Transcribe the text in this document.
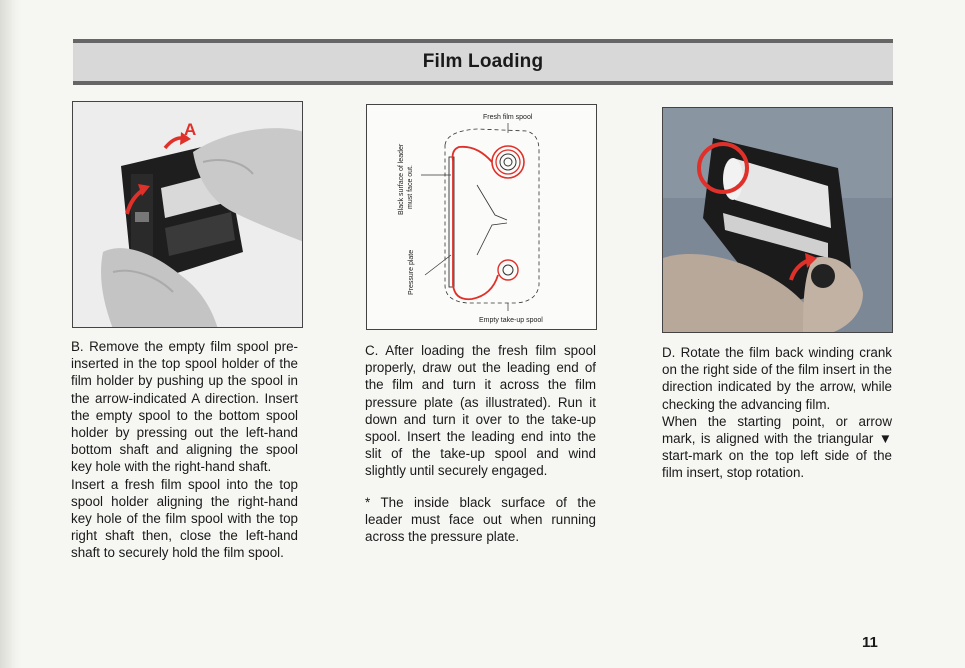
Film Loading
A
Fresh film spool
Empty take-up spool
Black surface of leader must face out.
Pressure plate

B. Remove the empty film spool pre-inserted in the top spool holder of the film holder by pushing up the spool in the arrow-indicated A direction. Insert the empty spool to the bottom spool holder by pressing out the left-hand bottom shaft and aligning the spool key hole with the right-hand shaft.

Insert a fresh film spool into the top spool holder aligning the right-hand key hole of the film spool with the top right shaft then, close the left-hand shaft to securely hold the film spool.

C. After loading the fresh film spool properly, draw out the leading end of the film and turn it across the film pressure plate (as illustrated). Run it down and turn it over to the take-up spool. Insert the leading end into the slit of the take-up spool and wind slightly until securely engaged.

* The inside black surface of the leader must face out when running across the pressure plate.

D. Rotate the film back winding crank on the right side of the film insert in the direction indicated by the arrow, while checking the advancing film.

When the starting point, or arrow mark, is aligned with the triangular ▼ start-mark on the top left side of the film insert, stop rotation.

11
